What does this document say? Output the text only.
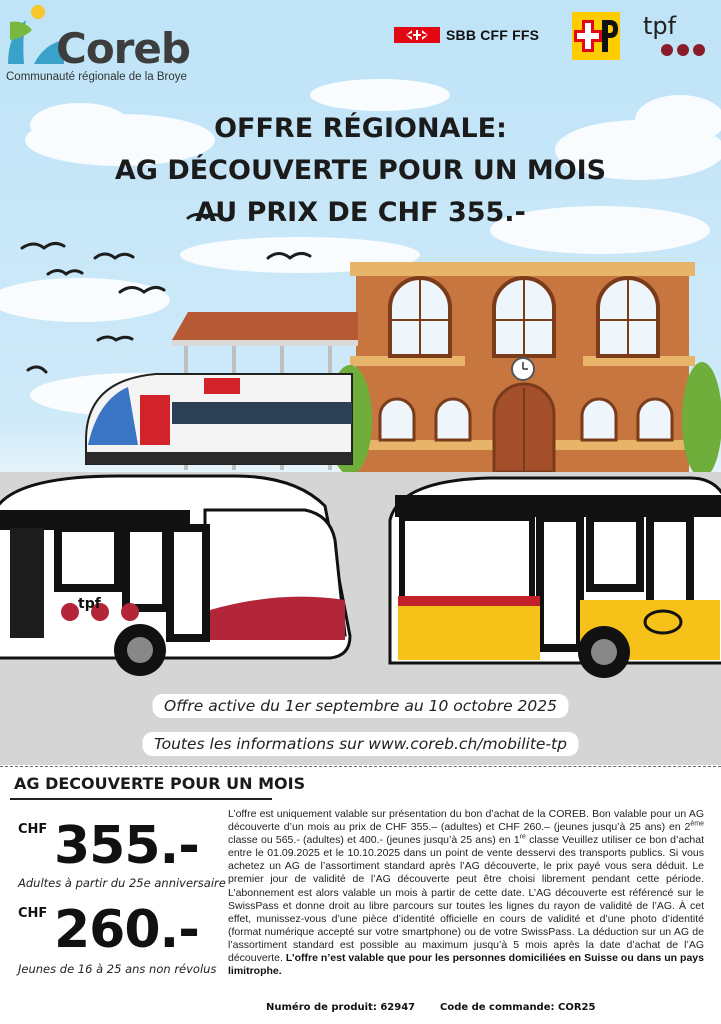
tpf
Coreb
Communauté régionale de la Broye
SBB CFF FFS	tpf
OFFRE RÉGIONALE:
AG DÉCOUVERTE POUR UN MOIS
AU PRIX DE CHF 355.-
Offre active du 1er septembre au 10 octobre 2025
Toutes les informations sur www.coreb.ch/mobilite-tp
AG DECOUVERTE POUR UN MOIS
CHF 355.-
Adultes à partir du 25e anniversaire
CHF 260.-
Jeunes de 16 à 25 ans non révolus
L’offre est uniquement valable sur présentation du bon d’achat de la COREB. Bon valable pour un AG découverte d’un mois au prix de CHF 355.– (adultes) et CHF 260.– (jeunes jusqu’à 25 ans) en 2ème classe ou 565.- (adultes) et 400.- (jeunes jusqu’à 25 ans) en 1re classe Veuillez utiliser ce bon d’achat entre le 01.09.2025 et le 10.10.2025 dans un point de vente desservi des transports publics. Si vous achetez un AG de l’assortiment standard après l’AG découverte, le prix payé vous sera déduit. Le premier jour de validité de l’AG découverte peut être choisi librement pendant cette période. L’abonnement est alors valable un mois à partir de cette date. L’AG découverte est référencé sur le SwissPass et donne droit au libre parcours sur toutes les lignes du rayon de validité de l’AG. À cet effet, munissez-vous d’une pièce d’identité officielle en cours de validité et d’une photo d’identité (format numérique accepté sur votre smartphone) ou de votre SwissPass. La déduction sur un AG de l’assortiment standard est possible au maximum jusqu’à 5 mois après la date d’achat de l’AG découverte. L’offre n’est valable que pour les personnes domiciliées en Suisse ou dans un pays limitrophe.
Numéro de produit: 62947 Code de commande: COR25
